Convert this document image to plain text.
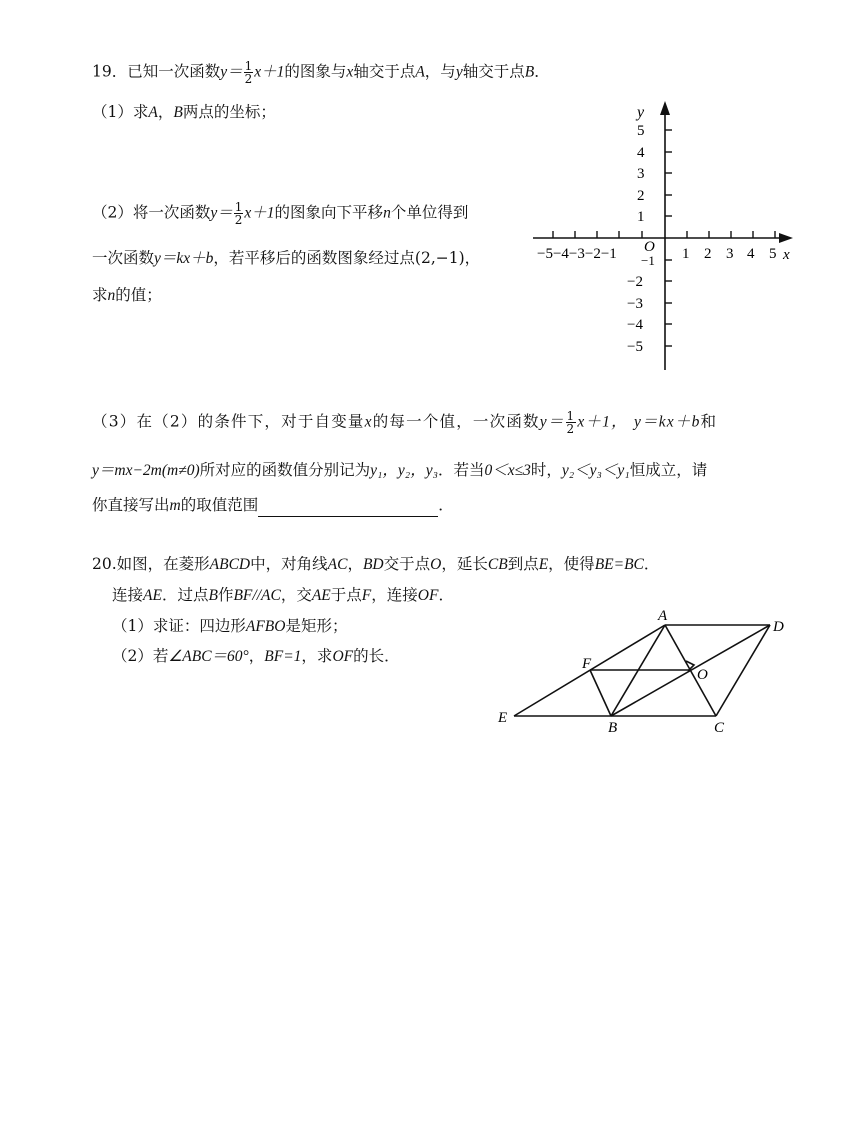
19．已知一次函数$y= \frac{1}{2} x+1$的图象与x轴交于点A，与y轴交于点B．
（1）求A，B两点的坐标；
（2）将一次函数$y= \frac{1}{2} x+1$的图象向下平移n个单位得到
一次函数y＝kx＋b，若平移后的函数图象经过点(2,−1)，
求n的值；
y
5
4
3
2
1
−1
−2
−3
−4
−5
−5−4−3−2−1 O 1 2 3 4 5 x
（3）在（2）的条件下，对于自变量x的每一个值，一次函数$y= \frac{1}{2} x+1$， y＝kx＋b和
y＝mx−2m(m≠0)所对应的函数值分别记为y₁，y₂，y₃．若当0＜x≤3时，y₂＜y₃＜y₁恒成立，请
你直接写出m的取值范围	．
20.如图，在菱形ABCD中，对角线AC，BD交于点O，延长CB到点E，使得BE=BC．
连接AE．过点B作BF//AC，交AE于点F，连接OF．
（1）求证：四边形AFBO是矩形；
（2）若∠ABC＝60°，BF=1，求OF的长．
A
D
F
O
E
B	C
